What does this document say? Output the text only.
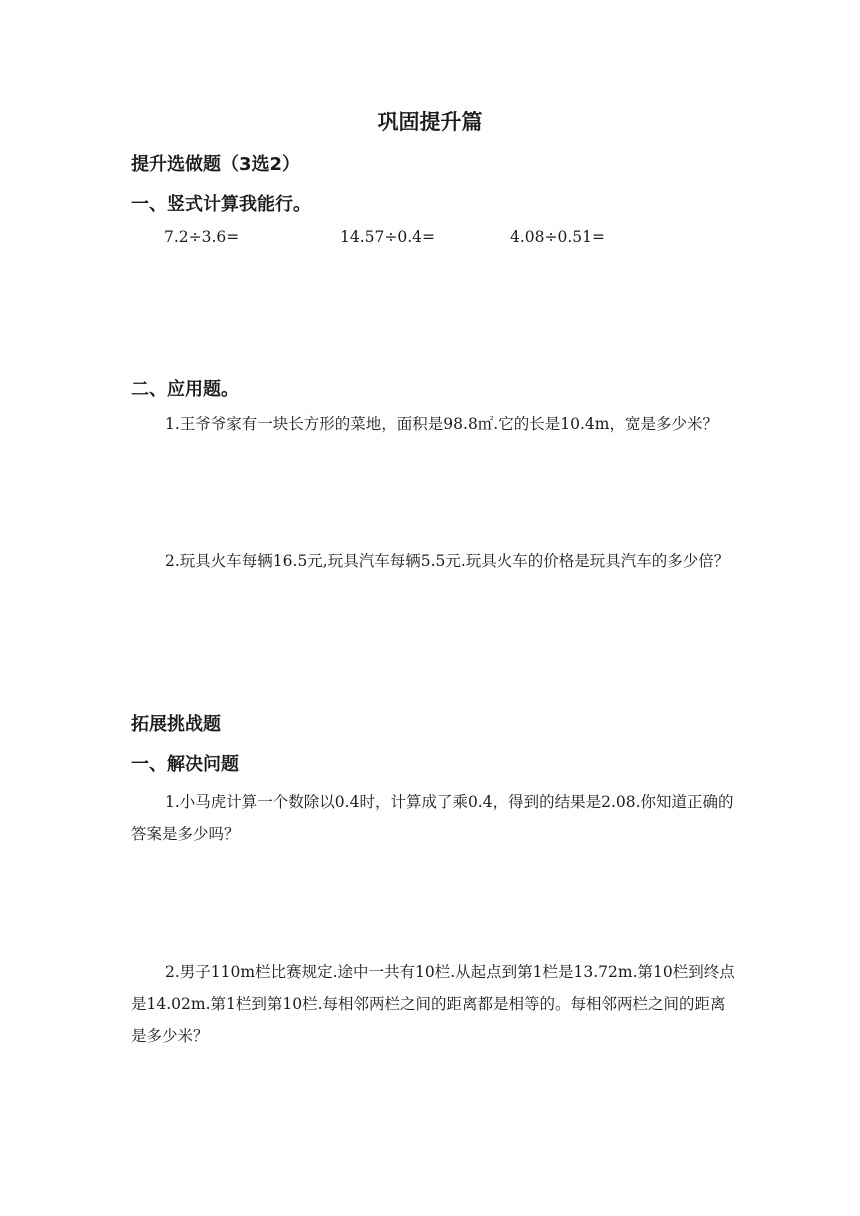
巩固提升篇
提升选做题（3选2）
一、竖式计算我能行。
7.2÷3.6=	14.57÷0.4=	4.08÷0.51=
二、应用题。
1.王爷爷家有一块长方形的菜地，面积是98.8㎡.它的长是10.4m，宽是多少米？
2.玩具火车每辆16.5元,玩具汽车每辆5.5元.玩具火车的价格是玩具汽车的多少倍？
拓展挑战题
一、解决问题
1.小马虎计算一个数除以0.4时，计算成了乘0.4，得到的结果是2.08.你知道正确的答案是多少吗？
2.男子110m栏比赛规定.途中一共有10栏.从起点到第1栏是13.72m.第10栏到终点是14.02m.第1栏到第10栏.每相邻两栏之间的距离都是相等的。每相邻两栏之间的距离是多少米？
